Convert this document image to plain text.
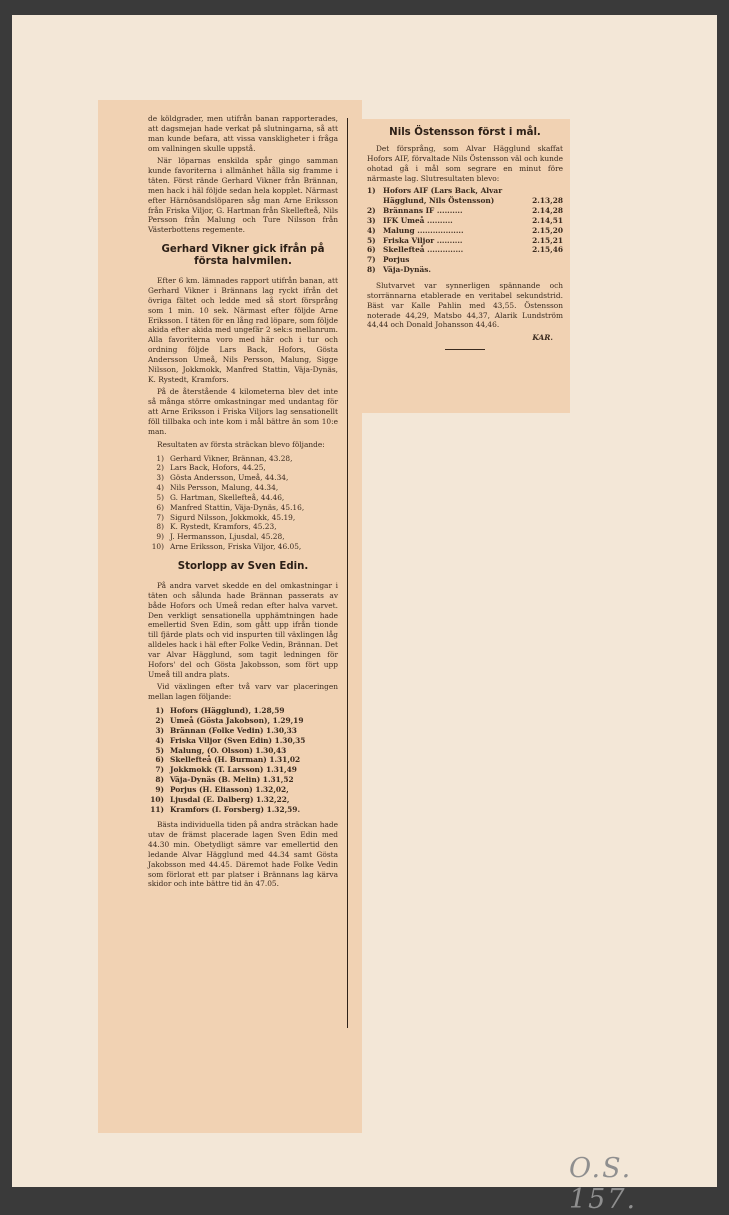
de köldgrader, men utifrån banan rapporterades, att dagsmejan hade verkat på slutningarna, så att man kunde befara, att vissa vanskligheter i fråga om vallningen skulle uppstå.

När löparnas enskilda spår gingo samman kunde favoriterna i allmänhet hålla sig framme i täten. Först rände Gerhard Vikner från Brännan, men hack i häl följde sedan hela kopplet. Närmast efter Härnösandslöparen såg man Arne Eriksson från Friska Viljor, G. Hartman från Skellefteå, Nils Persson från Malung och Ture Nilsson från Västerbottens regemente.

Gerhard Vikner gick ifrån på första halvmilen.

Efter 6 km. lämnades rapport utifrån banan, att Gerhard Vikner i Brännans lag ryckt ifrån det övriga fältet och ledde med så stort försprång som 1 min. 10 sek. Närmast efter följde Arne Eriksson. I täten för en lång rad löpare, som följde akida efter akida med ungefär 2 sek:s mellanrum. Alla favoriterna voro med här och i tur och ordning följde Lars Back, Hofors, Gösta Andersson Umeå, Nils Persson, Malung, Sigge Nilsson, Jokkmokk, Manfred Stattin, Väja-Dynäs, K. Rystedt, Kramfors.

På de återstående 4 kilometerna blev det inte så många större omkastningar med undantag för att Arne Eriksson i Friska Viljors lag sensationellt föll tillbaka och inte kom i mål bättre än som 10:e man.

Resultaten av första sträckan blevo följande:

1) Gerhard Vikner, Brännan, 43.28,
2) Lars Back, Hofors, 44.25,
3) Gösta Andersson, Umeå, 44.34,
4) Nils Persson, Malung, 44.34,
5) G. Hartman, Skellefteå, 44.46,
6) Manfred Stattin, Väja-Dynäs, 45.16,
7) Sigurd Nilsson, Jokkmokk, 45.19,
8) K. Rystedt, Kramfors, 45.23,
9) J. Hermansson, Ljusdal, 45.28,
10) Arne Eriksson, Friska Viljor, 46.05,
Storlopp av Sven Edin.

På andra varvet skedde en del omkastningar i täten och sålunda hade Brännan passerats av både Hofors och Umeå redan efter halva varvet. Den verkligt sensationella upphämtningen hade emellertid Sven Edin, som gått upp ifrån tionde till fjärde plats och vid inspurten till växlingen låg alldeles hack i häl efter Folke Vedin, Brännan. Det var Alvar Hägglund, som tagit ledningen för Hofors' del och Gösta Jakobsson, som fört upp Umeå till andra plats.

Vid växlingen efter två varv var placeringen mellan lagen följande:

1) Hofors (Hägglund), 1.28,59
2) Umeå (Gösta Jakobson), 1.29,19
3) Brännan (Folke Vedin) 1.30,33
4) Friska Viljor (Sven Edin) 1.30,35
5) Malung, (O. Olsson) 1.30,43
6) Skellefteå (H. Burman) 1.31,02
7) Jokkmokk (T. Larsson) 1.31,49
8) Väja-Dynäs (B. Melin) 1.31,52
9) Porjus (H. Eliasson) 1.32,02,
10) Ljusdal (E. Dalberg) 1.32,22,
11) Kramfors (I. Forsberg) 1.32,59.

Bästa individuella tiden på andra sträckan hade utav de främst placerade lagen Sven Edin med 44.30 min. Obetydligt sämre var emellertid den ledande Alvar Hägglund med 44.34 samt Gösta Jakobsson med 44.45. Däremot hade Folke Vedin som förlorat ett par platser i Brännans lag kärva skidor och inte bättre tid än 47.05.

Nils Östensson först i mål.

Det försprång, som Alvar Hägglund skaffat Hofors AIF, förvaltade Nils Östensson väl och kunde ohotad gå i mål som segrare en minut före närmaste lag. Slutresultaten blevo:

1) Hofors AIF (Lars Back, Alvar
Hägglund, Nils Östensson)	2.13,28
2) Brännans IF ..........	2.14,28
3) IFK Umeå ..........	2.14,51
4) Malung ..................	2.15,20
5) Friska Viljor ..........	2.15,21
6) Skellefteå ..............	2.15,46
7) Porjus
8) Väja-Dynäs.

Slutvarvet var synnerligen spännande och storrännarna etablerade en veritabel sekundstrid. Bäst var Kalle Pahlin med 43,55. Östensson noterade 44,29, Matsbo 44,37, Alarik Lundström 44,44 och Donald Johansson 44,46.

KAR.
O.S. 157.
